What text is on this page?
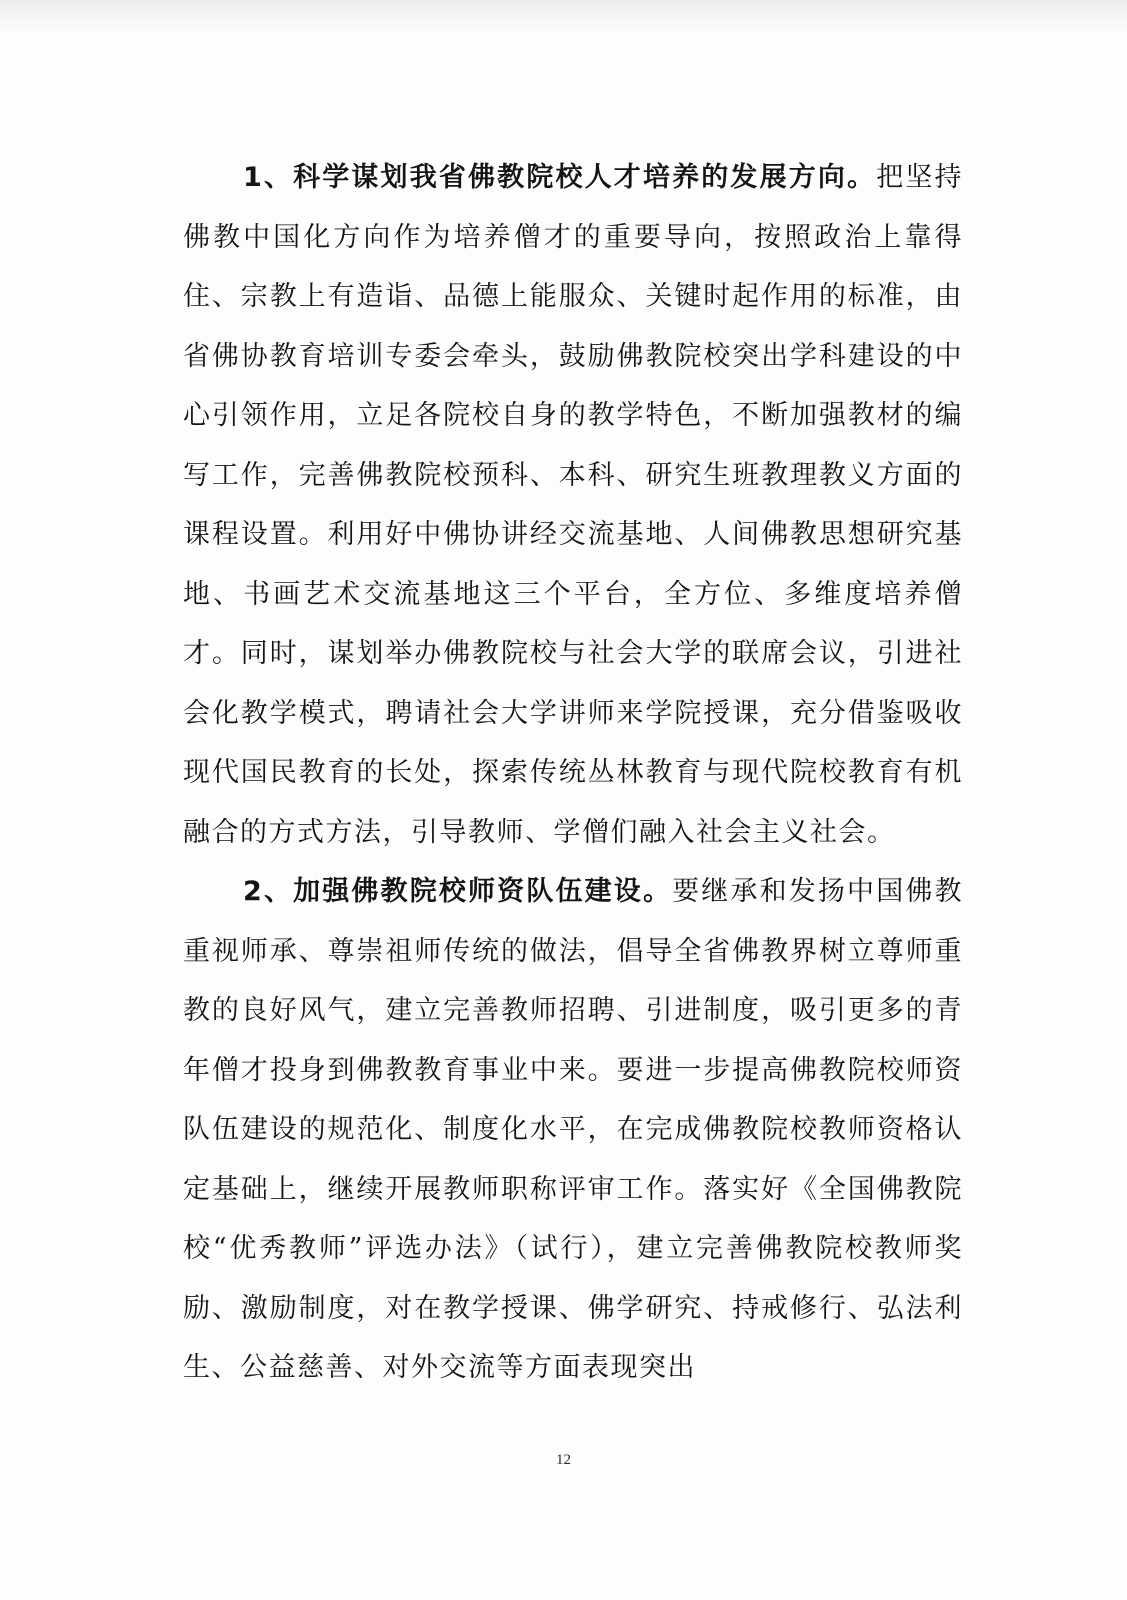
1、科学谋划我省佛教院校人才培养的发展方向。把坚持佛教中国化方向作为培养僧才的重要导向，按照政治上靠得住、宗教上有造诣、品德上能服众、关键时起作用的标准，由省佛协教育培训专委会牵头，鼓励佛教院校突出学科建设的中心引领作用，立足各院校自身的教学特色，不断加强教材的编写工作，完善佛教院校预科、本科、研究生班教理教义方面的课程设置。利用好中佛协讲经交流基地、人间佛教思想研究基地、书画艺术交流基地这三个平台，全方位、多维度培养僧才。同时，谋划举办佛教院校与社会大学的联席会议，引进社会化教学模式，聘请社会大学讲师来学院授课，充分借鉴吸收现代国民教育的长处，探索传统丛林教育与现代院校教育有机融合的方式方法，引导教师、学僧们融入社会主义社会。

2、加强佛教院校师资队伍建设。要继承和发扬中国佛教重视师承、尊崇祖师传统的做法，倡导全省佛教界树立尊师重教的良好风气，建立完善教师招聘、引进制度，吸引更多的青年僧才投身到佛教教育事业中来。要进一步提高佛教院校师资队伍建设的规范化、制度化水平，在完成佛教院校教师资格认定基础上，继续开展教师职称评审工作。落实好《全国佛教院校“优秀教师”评选办法》（试行），建立完善佛教院校教师奖励、激励制度，对在教学授课、佛学研究、持戒修行、弘法利生、公益慈善、对外交流等方面表现突出

12
